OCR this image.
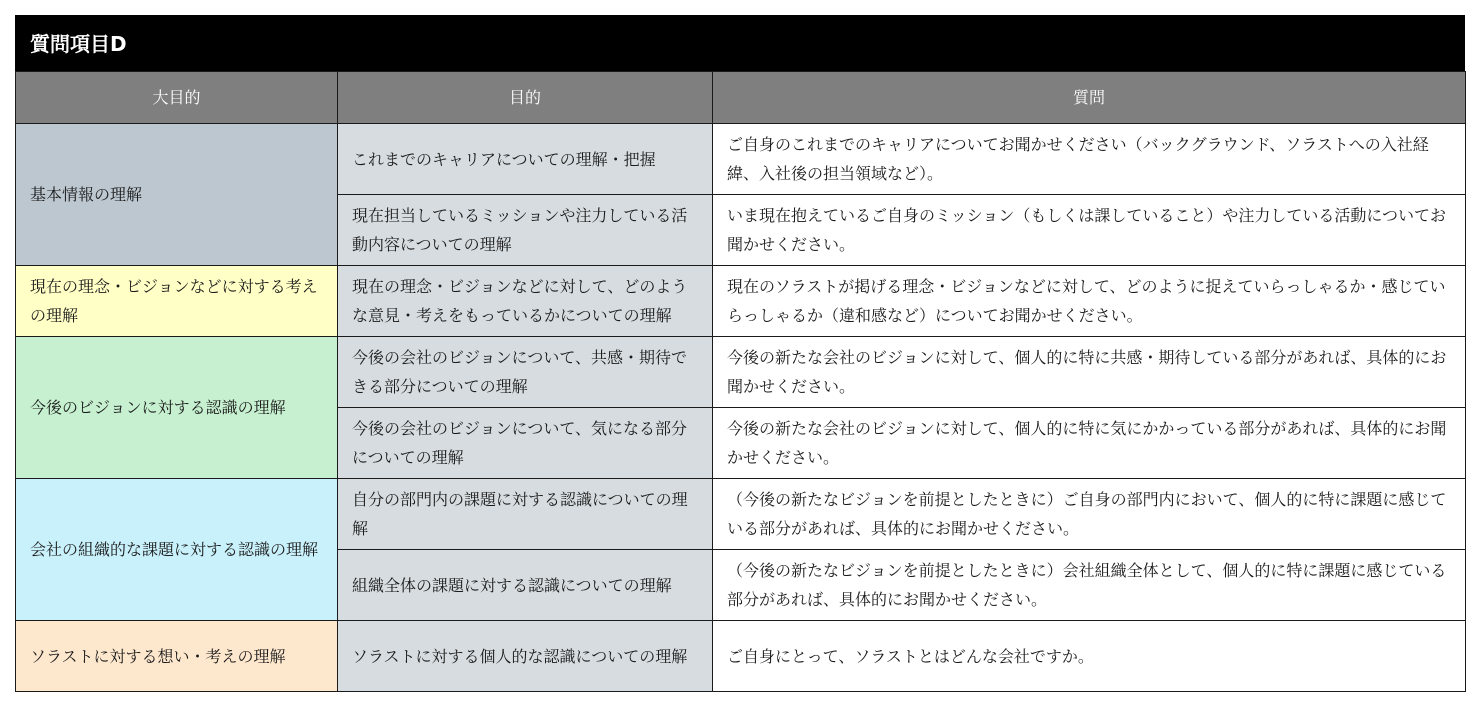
質問項目D
大目的	目的	質問
基本情報の理解	これまでのキャリアについての理解・把握	ご自身のこれまでのキャリアについてお聞かせください（バックグラウンド、ソラストへの入社経緯、入社後の担当領域など）。
	現在担当しているミッションや注力している活動内容についての理解	いま現在抱えているご自身のミッション（もしくは課していること）や注力している活動についてお聞かせください。
現在の理念・ビジョンなどに対する考えの理解	現在の理念・ビジョンなどに対して、どのような意見・考えをもっているかについての理解	現在のソラストが掲げる理念・ビジョンなどに対して、どのように捉えていらっしゃるか・感じていらっしゃるか（違和感など）についてお聞かせください。
今後のビジョンに対する認識の理解	今後の会社のビジョンについて、共感・期待できる部分についての理解	今後の新たな会社のビジョンに対して、個人的に特に共感・期待している部分があれば、具体的にお聞かせください。
	今後の会社のビジョンについて、気になる部分についての理解	今後の新たな会社のビジョンに対して、個人的に特に気にかかっている部分があれば、具体的にお聞かせください。
会社の組織的な課題に対する認識の理解	自分の部門内の課題に対する認識についての理解	（今後の新たなビジョンを前提としたときに）ご自身の部門内において、個人的に特に課題に感じている部分があれば、具体的にお聞かせください。
	組織全体の課題に対する認識についての理解	（今後の新たなビジョンを前提としたときに）会社組織全体として、個人的に特に課題に感じている部分があれば、具体的にお聞かせください。
ソラストに対する想い・考えの理解	ソラストに対する個人的な認識についての理解	ご自身にとって、ソラストとはどんな会社ですか。
